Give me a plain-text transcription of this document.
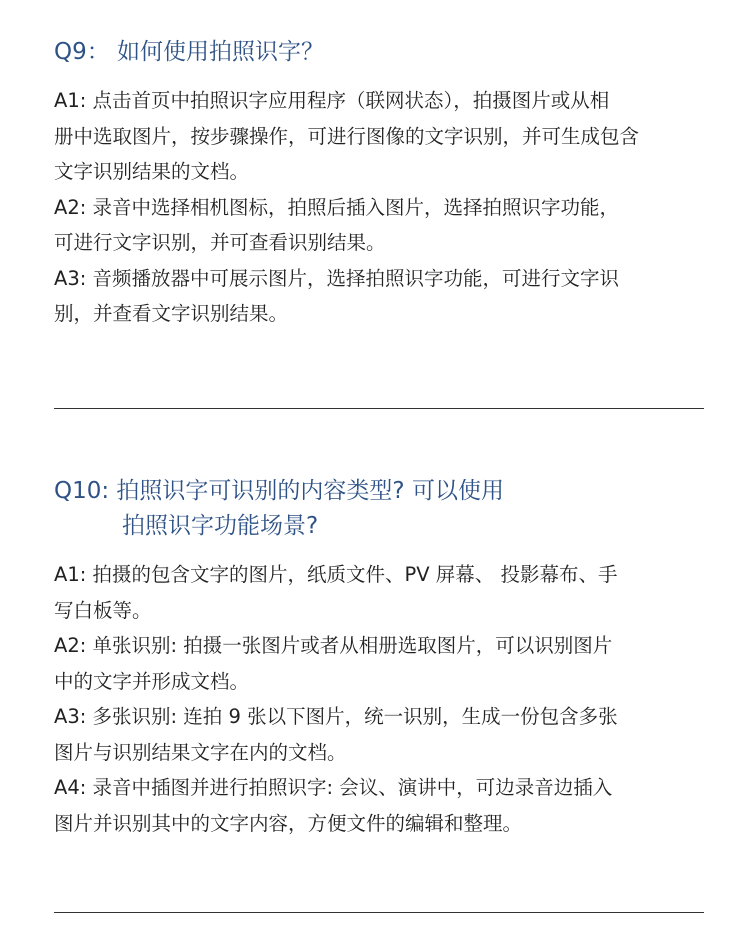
Q9： 如何使用拍照识字？

A1: 点击首页中拍照识字应用程序（联网状态），拍摄图片或从相

册中选取图片，按步骤操作，可进行图像的文字识别，并可生成包含

文字识别结果的文档。

A2: 录音中选择相机图标，拍照后插入图片，选择拍照识字功能，

可进行文字识别，并可查看识别结果。

A3: 音频播放器中可展示图片，选择拍照识字功能，可进行文字识

别，并查看文字识别结果。

Q10: 拍照识字可识别的内容类型? 可以使用
拍照识字功能场景?

A1: 拍摄的包含文字的图片，纸质文件、PV 屏幕、 投影幕布、手

写白板等。

A2: 单张识别: 拍摄一张图片或者从相册选取图片，可以识别图片

中的文字并形成文档。

A3: 多张识别: 连拍 9 张以下图片，统一识别，生成一份包含多张

图片与识别结果文字在内的文档。

A4: 录音中插图并进行拍照识字: 会议、演讲中，可边录音边插入

图片并识别其中的文字内容，方便文件的编辑和整理。
